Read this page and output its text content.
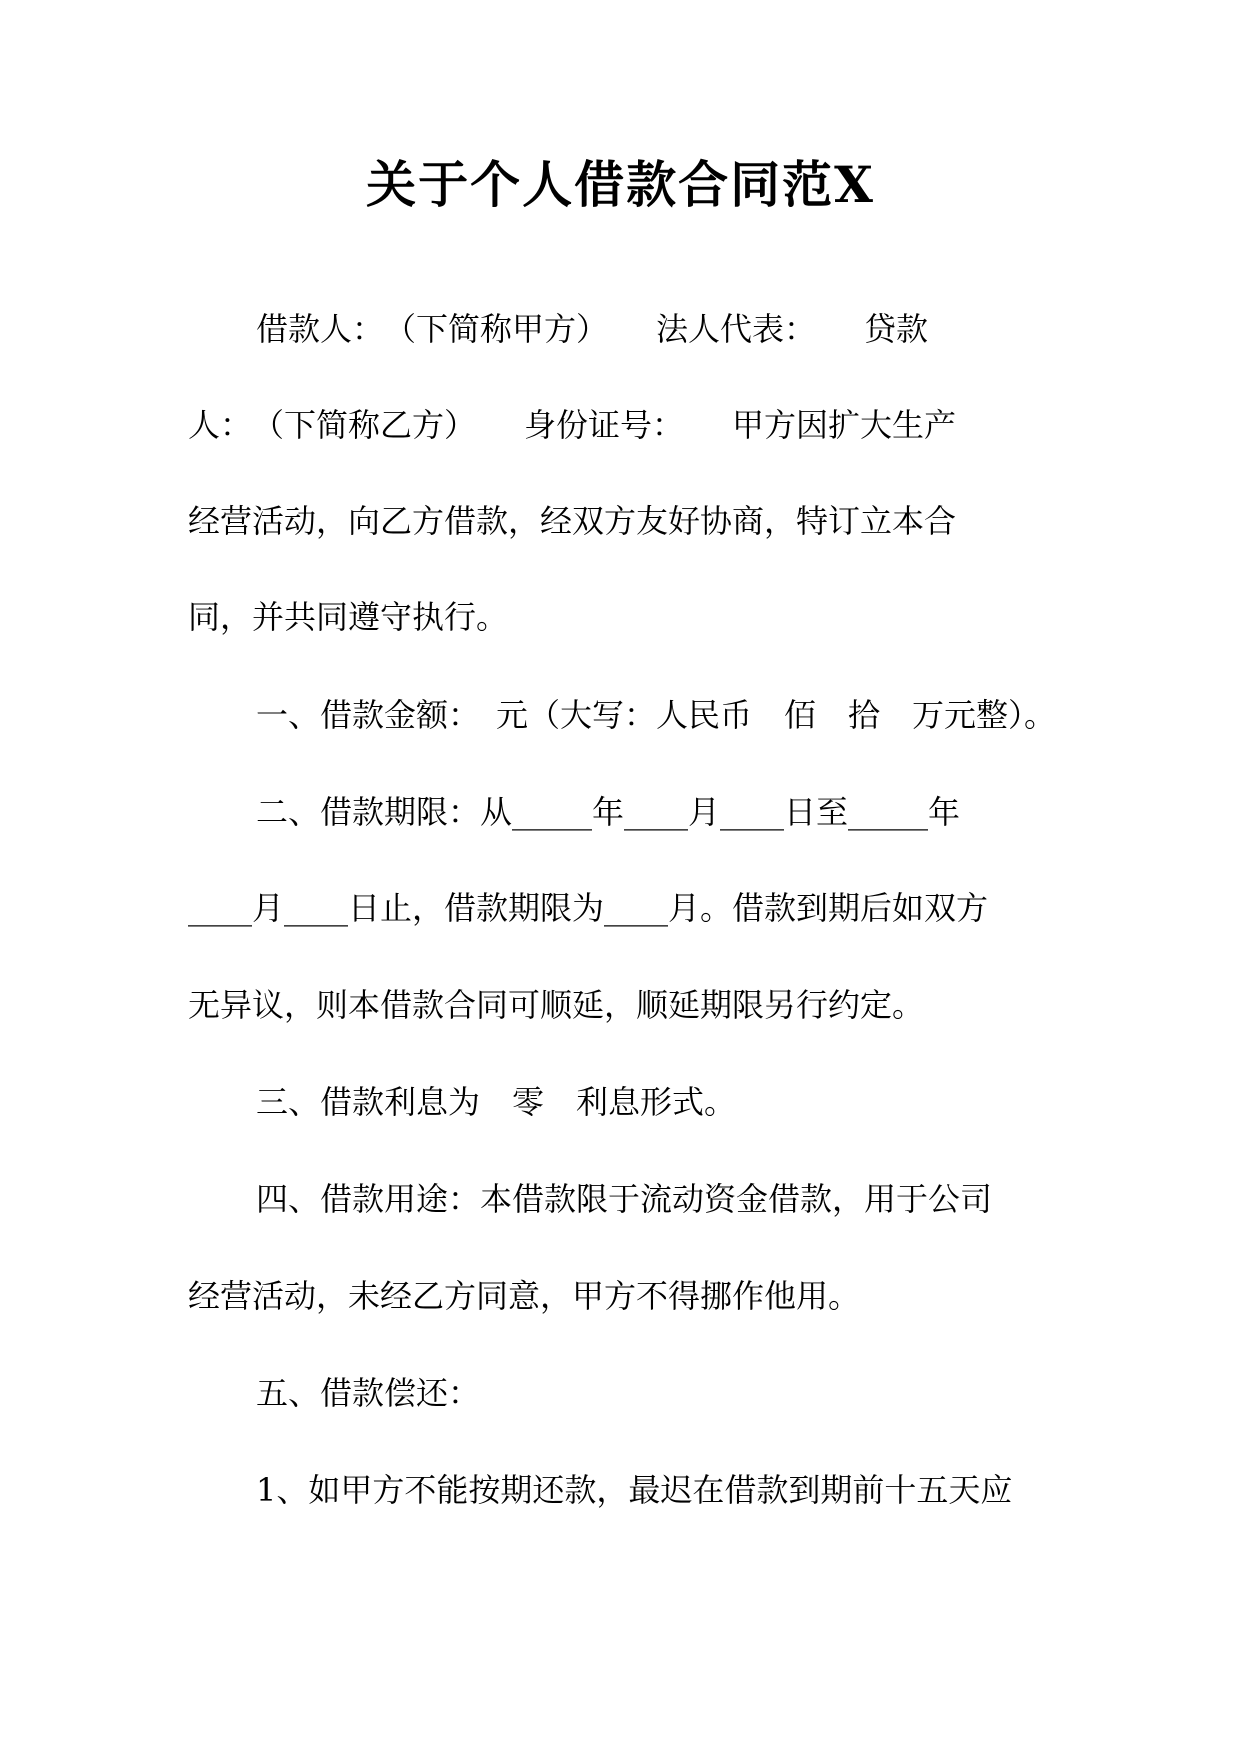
关于个人借款合同范X
借款人：　（下简称甲方）　　法人代表：　　贷款
人：　（下简称乙方）　　身份证号：　　甲方因扩大生产
经营活动，向乙方借款，经双方友好协商，特订立本合
同，并共同遵守执行。
一、借款金额：　元（大写：人民币　佰　拾　万元整）。
二、借款期限：从_____年____月____日至_____年
____月____日止，借款期限为____月。借款到期后如双方
无异议，则本借款合同可顺延，顺延期限另行约定。
三、借款利息为　零　利息形式。
四、借款用途：本借款限于流动资金借款，用于公司
经营活动，未经乙方同意，甲方不得挪作他用。
五、借款偿还：
1、如甲方不能按期还款，最迟在借款到期前十五天应
